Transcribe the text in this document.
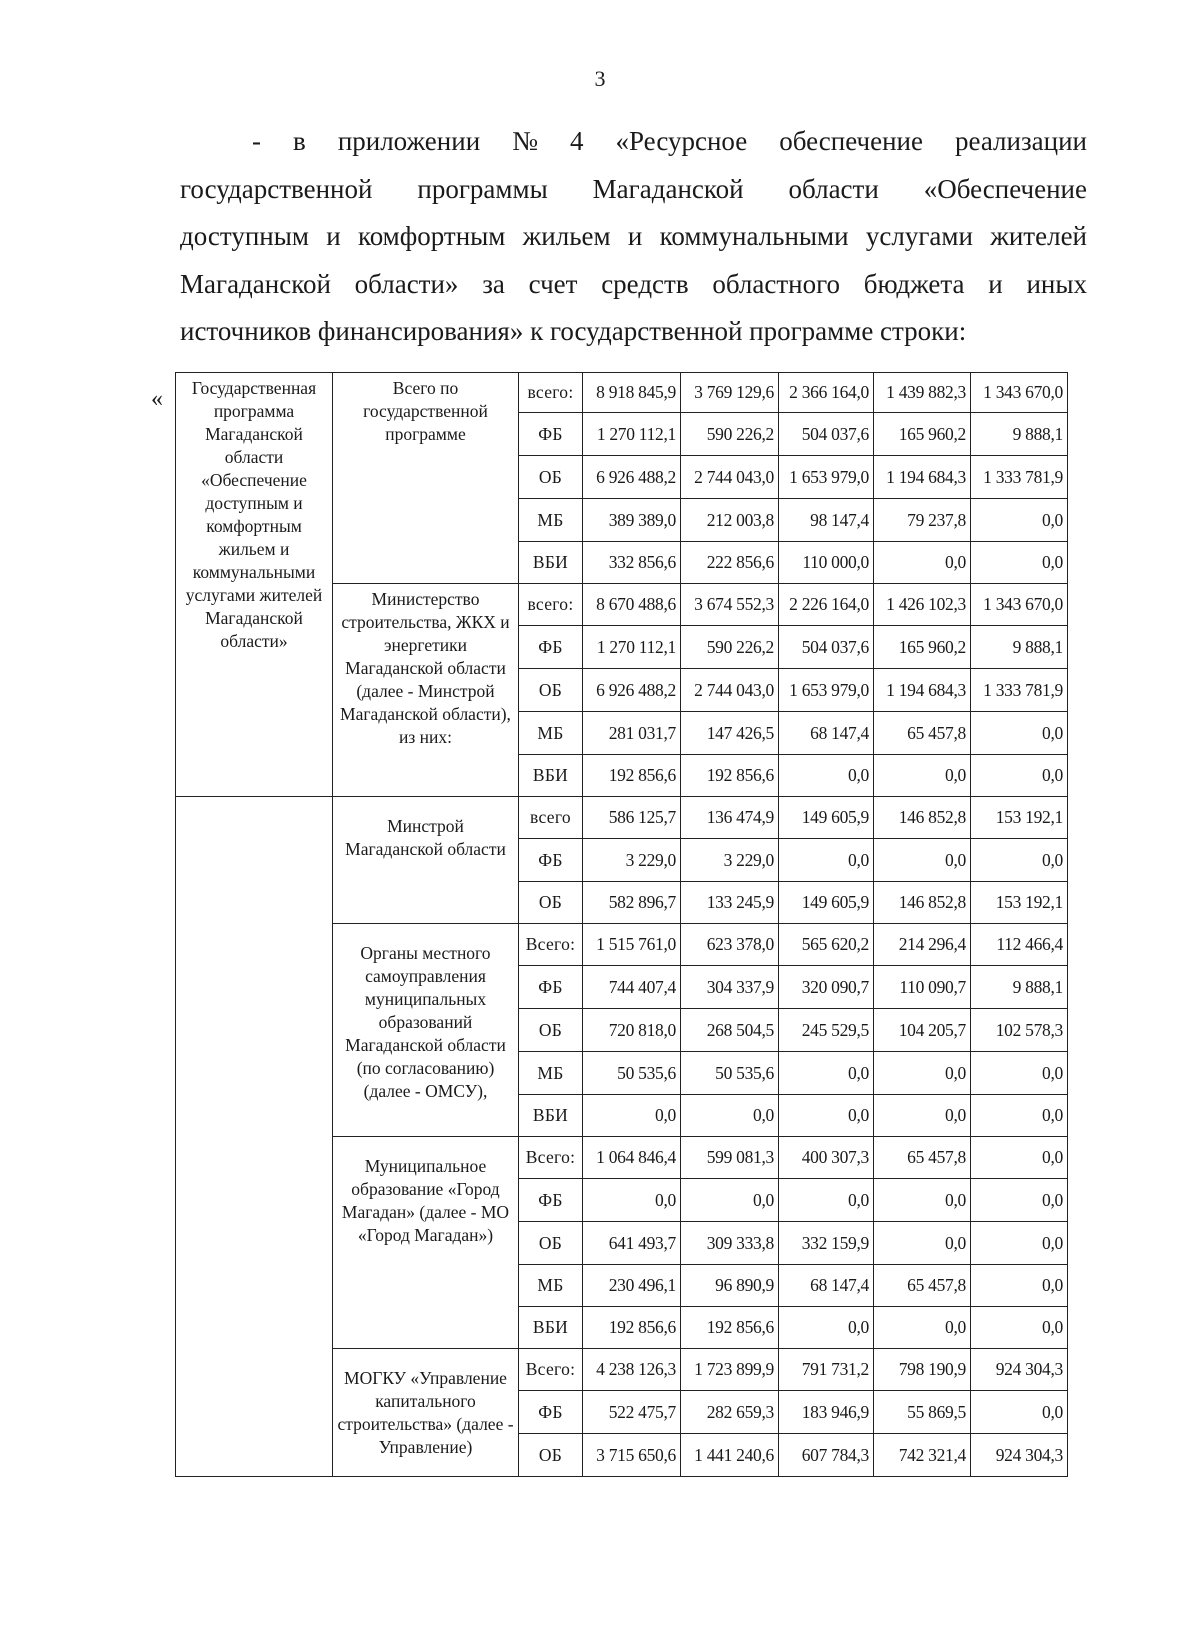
3
- в приложении № 4 «Ресурсное обеспечение реализации
государственной программы Магаданской области «Обеспечение
доступным и комфортным жильем и коммунальными услугами жителей
Магаданской области» за счет средств областного бюджета и иных
источников финансирования» к государственной программе строки:
« Государственная программа Магаданской области «Обеспечение доступным и комфортным жильем и коммунальными услугами жителей Магаданской области»	Всего по государственной программе	всего:	8 918 845,9	3 769 129,6	2 366 164,0	1 439 882,3	1 343 670,0
		ФБ	1 270 112,1	590 226,2	504 037,6	165 960,2	9 888,1
		ОБ	6 926 488,2	2 744 043,0	1 653 979,0	1 194 684,3	1 333 781,9
		МБ	389 389,0	212 003,8	98 147,4	79 237,8	0,0
		ВБИ	332 856,6	222 856,6	110 000,0	0,0	0,0
	Министерство строительства, ЖКХ и энергетики Магаданской области (далее - Минстрой Магаданской области), из них:	всего:	8 670 488,6	3 674 552,3	2 226 164,0	1 426 102,3	1 343 670,0
		ФБ	1 270 112,1	590 226,2	504 037,6	165 960,2	9 888,1
		ОБ	6 926 488,2	2 744 043,0	1 653 979,0	1 194 684,3	1 333 781,9
		МБ	281 031,7	147 426,5	68 147,4	65 457,8	0,0
		ВБИ	192 856,6	192 856,6	0,0	0,0	0,0
	Минстрой Магаданской области	всего	586 125,7	136 474,9	149 605,9	146 852,8	153 192,1
		ФБ	3 229,0	3 229,0	0,0	0,0	0,0
		ОБ	582 896,7	133 245,9	149 605,9	146 852,8	153 192,1
	Органы местного самоуправления муниципальных образований Магаданской области (по согласованию) (далее - ОМСУ),	Всего:	1 515 761,0	623 378,0	565 620,2	214 296,4	112 466,4
		ФБ	744 407,4	304 337,9	320 090,7	110 090,7	9 888,1
		ОБ	720 818,0	268 504,5	245 529,5	104 205,7	102 578,3
		МБ	50 535,6	50 535,6	0,0	0,0	0,0
		ВБИ	0,0	0,0	0,0	0,0	0,0
	Муниципальное образование «Город Магадан» (далее - МО «Город Магадан»)	Всего:	1 064 846,4	599 081,3	400 307,3	65 457,8	0,0
		ФБ	0,0	0,0	0,0	0,0	0,0
		ОБ	641 493,7	309 333,8	332 159,9	0,0	0,0
		МБ	230 496,1	96 890,9	68 147,4	65 457,8	0,0
		ВБИ	192 856,6	192 856,6	0,0	0,0	0,0
	МОГКУ «Управление капитального строительства» (далее - Управление)	Всего:	4 238 126,3	1 723 899,9	791 731,2	798 190,9	924 304,3
		ФБ	522 475,7	282 659,3	183 946,9	55 869,5	0,0
		ОБ	3 715 650,6	1 441 240,6	607 784,3	742 321,4	924 304,3
